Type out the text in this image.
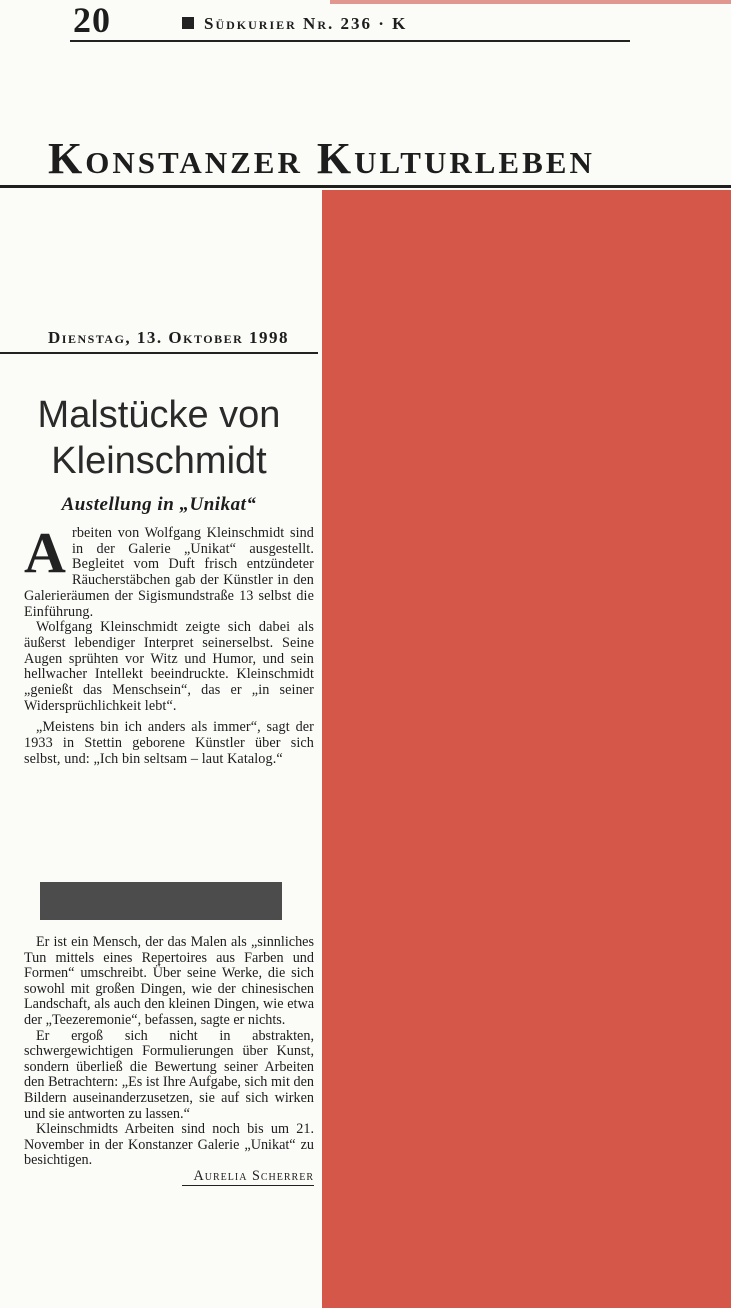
20	Südkurier Nr. 236 · K
Konstanzer Kulturleben
Dienstag, 13. Oktober 1998
Malstücke von
Kleinschmidt
Austellung in „Unikat“

Arbeiten von Wolfgang Kleinschmidt sind in der Galerie „Unikat“ ausgestellt. Begleitet vom Duft frisch entzündeter Räucherstäbchen gab der Künstler in den Galerieräumen der Sigismundstraße 13 selbst die Einführung.

Wolfgang Kleinschmidt zeigte sich dabei als äußerst lebendiger Interpret seinerselbst. Seine Augen sprühten vor Witz und Humor, und sein hellwacher Intellekt beeindruckte. Kleinschmidt „genießt das Menschsein“, das er „in seiner Widersprüchlichkeit lebt“.

„Meistens bin ich anders als immer“, sagt der 1933 in Stettin geborene Künstler über sich selbst, und: „Ich bin seltsam – laut Katalog.“

Er ist ein Mensch, der das Malen als „sinnliches Tun mittels eines Repertoires aus Farben und Formen“ umschreibt. Über seine Werke, die sich sowohl mit großen Dingen, wie der chinesischen Landschaft, als auch den kleinen Dingen, wie etwa der „Teezeremonie“, befassen, sagte er nichts.

Er ergoß sich nicht in abstrakten, schwergewichtigen Formulierungen über Kunst, sondern überließ die Bewertung seiner Arbeiten den Betrachtern: „Es ist Ihre Aufgabe, sich mit den Bildern auseinanderzusetzen, sie auf sich wirken und sie antworten zu lassen.“

Kleinschmidts Arbeiten sind noch bis um 21. November in der Konstanzer Galerie „Unikat“ zu besichtigen.

Aurelia Scherrer
